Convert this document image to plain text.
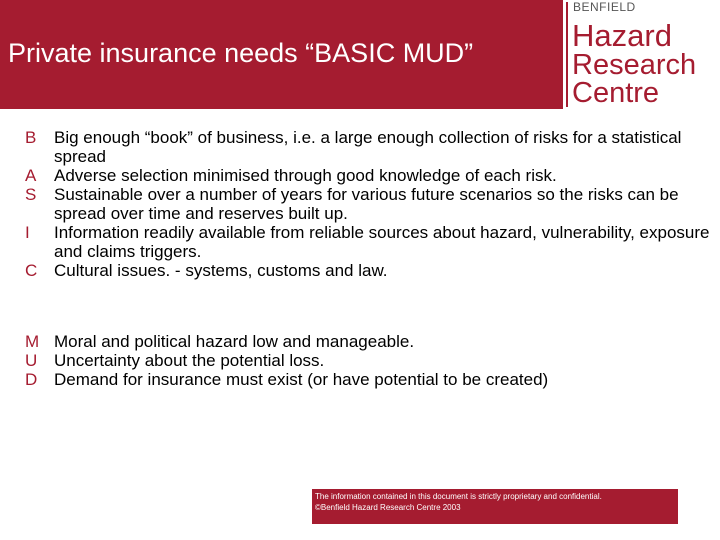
Private insurance needs “BASIC MUD”
BENFIELD
Hazard
Research
Centre
B	Big enough “book” of business, i.e. a large enough collection of risks for a statistical spread
A	Adverse selection minimised through good knowledge of each risk.
S	Sustainable over a number of years for various future scenarios so the risks can be spread over time and reserves built up.
I	Information readily available from reliable sources about hazard, vulnerability, exposure and claims triggers.
C Cultural issues. - systems, customs and law.
M Moral and political hazard low and manageable.
U Uncertainty about the potential loss.
D Demand for insurance must exist (or have potential to be created)
The information contained in this document is strictly proprietary and confidential.
©Benfield Hazard Research Centre 2003
